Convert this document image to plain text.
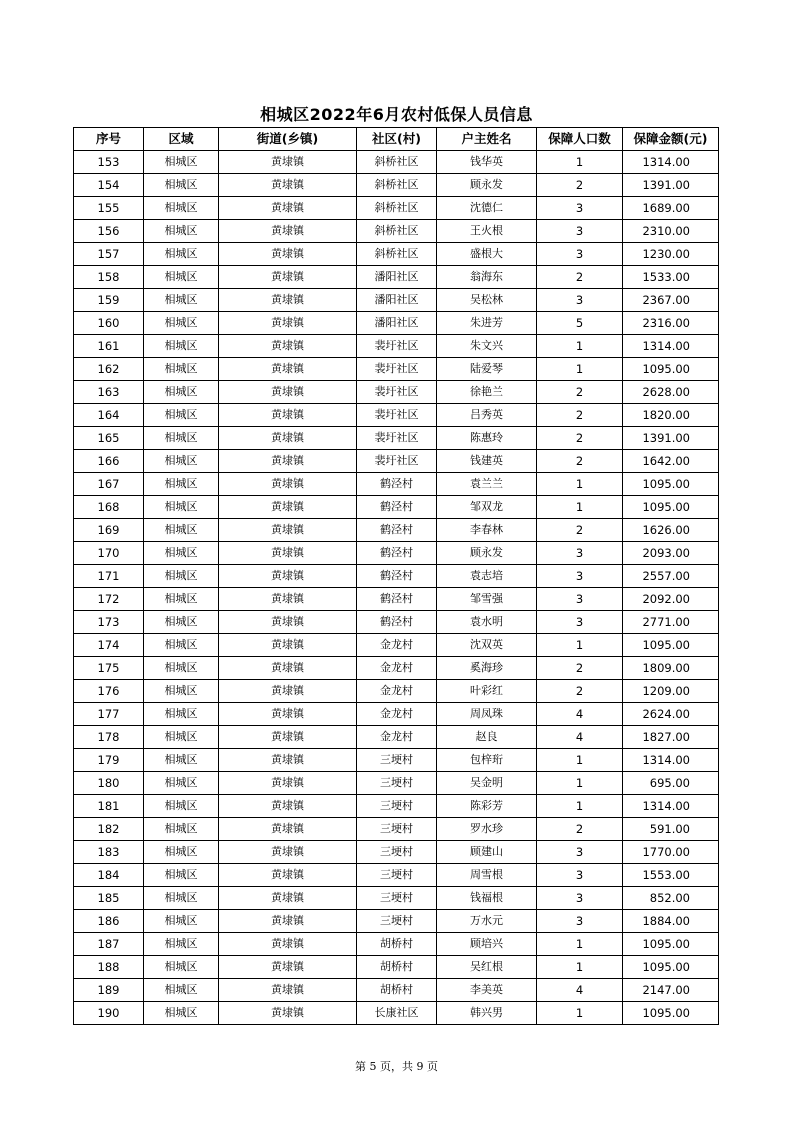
相城区2022年6月农村低保人员信息
序号	区域	街道(乡镇)	社区(村)	户主姓名	保障人口数	保障金额(元)
153	相城区	黄埭镇	斜桥社区	钱华英	1	1314.00
154	相城区	黄埭镇	斜桥社区	顾永发	2	1391.00
155	相城区	黄埭镇	斜桥社区	沈德仁	3	1689.00
156	相城区	黄埭镇	斜桥社区	王火根	3	2310.00
157	相城区	黄埭镇	斜桥社区	盛根大	3	1230.00
158	相城区	黄埭镇	潘阳社区	翁海东	2	1533.00
159	相城区	黄埭镇	潘阳社区	吴松林	3	2367.00
160	相城区	黄埭镇	潘阳社区	朱进芳	5	2316.00
161	相城区	黄埭镇	裴圩社区	朱文兴	1	1314.00
162	相城区	黄埭镇	裴圩社区	陆爱琴	1	1095.00
163	相城区	黄埭镇	裴圩社区	徐艳兰	2	2628.00
164	相城区	黄埭镇	裴圩社区	吕秀英	2	1820.00
165	相城区	黄埭镇	裴圩社区	陈惠玲	2	1391.00
166	相城区	黄埭镇	裴圩社区	钱建英	2	1642.00
167	相城区	黄埭镇	鹤泾村	袁兰兰	1	1095.00
168	相城区	黄埭镇	鹤泾村	邹双龙	1	1095.00
169	相城区	黄埭镇	鹤泾村	李春林	2	1626.00
170	相城区	黄埭镇	鹤泾村	顾永发	3	2093.00
171	相城区	黄埭镇	鹤泾村	袁志培	3	2557.00
172	相城区	黄埭镇	鹤泾村	邹雪强	3	2092.00
173	相城区	黄埭镇	鹤泾村	袁水明	3	2771.00
174	相城区	黄埭镇	金龙村	沈双英	1	1095.00
175	相城区	黄埭镇	金龙村	奚海珍	2	1809.00
176	相城区	黄埭镇	金龙村	叶彩红	2	1209.00
177	相城区	黄埭镇	金龙村	周凤珠	4	2624.00
178	相城区	黄埭镇	金龙村	赵良	4	1827.00
179	相城区	黄埭镇	三埂村	包梓珩	1	1314.00
180	相城区	黄埭镇	三埂村	吴金明	1	695.00
181	相城区	黄埭镇	三埂村	陈彩芳	1	1314.00
182	相城区	黄埭镇	三埂村	罗水珍	2	591.00
183	相城区	黄埭镇	三埂村	顾建山	3	1770.00
184	相城区	黄埭镇	三埂村	周雪根	3	1553.00
185	相城区	黄埭镇	三埂村	钱福根	3	852.00
186	相城区	黄埭镇	三埂村	万水元	3	1884.00
187	相城区	黄埭镇	胡桥村	顾培兴	1	1095.00
188	相城区	黄埭镇	胡桥村	吴红根	1	1095.00
189	相城区	黄埭镇	胡桥村	李美英	4	2147.00
190	相城区	黄埭镇	长康社区	韩兴男	1	1095.00
第 5 页，共 9 页
